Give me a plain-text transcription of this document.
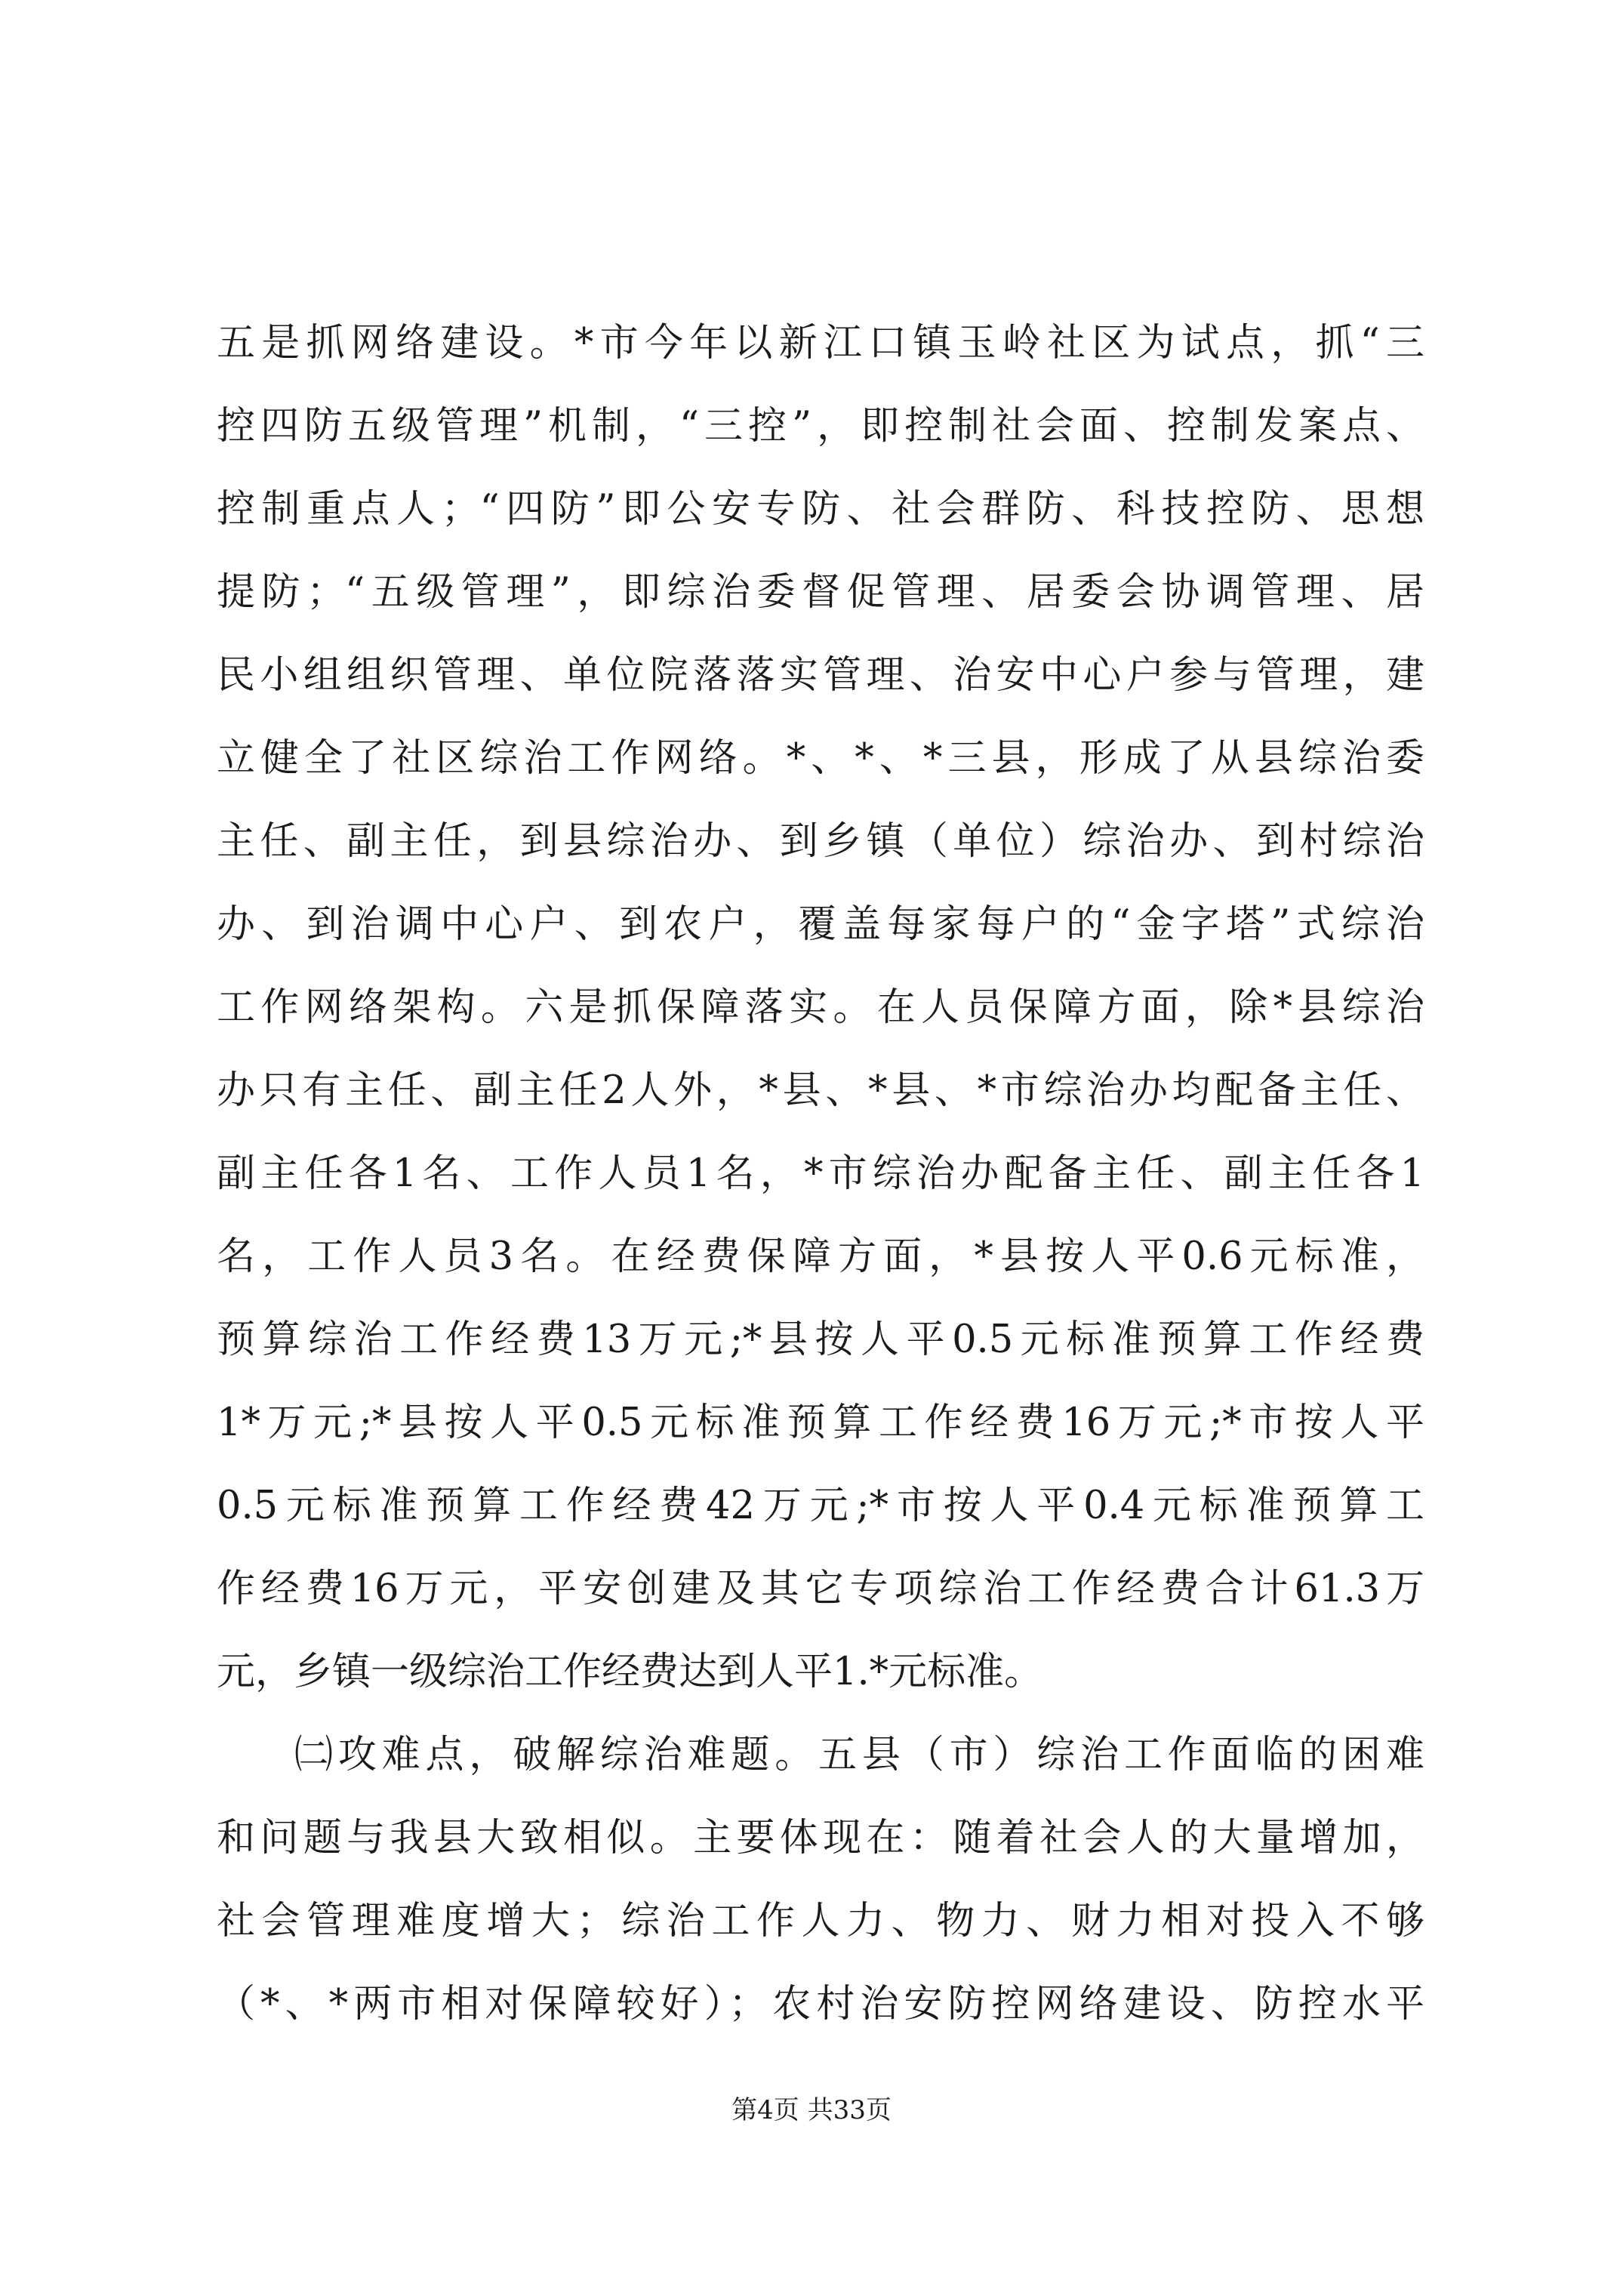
五是抓网络建设。*市今年以新江口镇玉岭社区为试点，抓“三

控四防五级管理”机制，“三控”，即控制社会面、控制发案点、

控制重点人；“四防”即公安专防、社会群防、科技控防、思想

提防；“五级管理”，即综治委督促管理、居委会协调管理、居

民小组组织管理、单位院落落实管理、治安中心户参与管理，建

立健全了社区综治工作网络。*、*、*三县，形成了从县综治委

主任、副主任，到县综治办、到乡镇（单位）综治办、到村综治

办、到治调中心户、到农户，覆盖每家每户的“金字塔”式综治

工作网络架构。六是抓保障落实。在人员保障方面，除*县综治

办只有主任、副主任2人外，*县、*县、*市综治办均配备主任、

副主任各1名、工作人员1名，*市综治办配备主任、副主任各1

名，工作人员3名。在经费保障方面，*县按人平0.6元标准，

预算综治工作经费13万元;*县按人平0.5元标准预算工作经费

1*万元;*县按人平0.5元标准预算工作经费16万元;*市按人平

0.5元标准预算工作经费42万元;*市按人平0.4元标准预算工

作经费16万元，平安创建及其它专项综治工作经费合计61.3万

元，乡镇一级综治工作经费达到人平1.*元标准。

㈡攻难点，破解综治难题。五县（市）综治工作面临的困难

和问题与我县大致相似。主要体现在：随着社会人的大量增加，

社会管理难度增大；综治工作人力、物力、财力相对投入不够

（*、*两市相对保障较好）；农村治安防控网络建设、防控水平

第4页 共33页
